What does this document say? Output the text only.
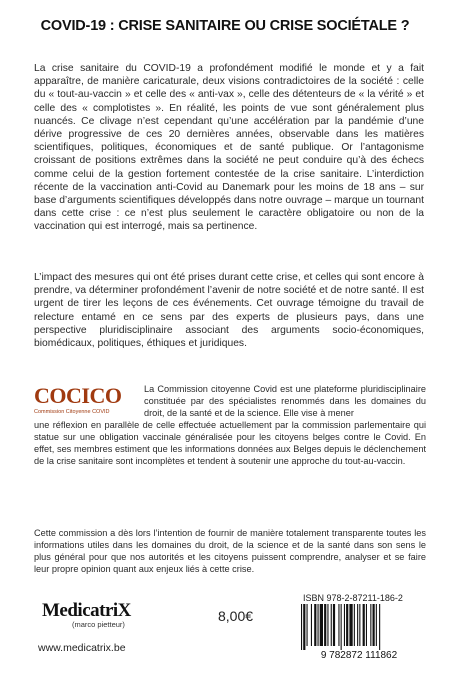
COVID-19 : CRISE SANITAIRE OU CRISE SOCIÉTALE ?

La crise sanitaire du COVID-19 a profondément modifié le monde et y a fait apparaître, de manière caricaturale, deux visions contradictoires de la société : celle du « tout-au-vaccin » et celle des « anti-vax », celle des détenteurs de « la vérité » et celle des « complotistes ». En réalité, les points de vue sont généralement plus nuancés. Ce clivage n’est cependant qu’une accélération par la pandémie d’une dérive progressive de ces 20 dernières années, observable dans les matières scientifiques, politiques, économiques et de santé publique. Or l’antagonisme croissant de positions extrêmes dans la société ne peut conduire qu’à des échecs comme celui de la gestion fortement contestée de la crise sanitaire. L’interdiction récente de la vaccination anti-Covid au Danemark pour les moins de 18 ans – sur base d’arguments scientifiques développés dans notre ouvrage – marque un tournant dans cette crise : ce n’est plus seulement le caractère obligatoire ou non de la vaccination qui est interrogé, mais sa pertinence.

L’impact des mesures qui ont été prises durant cette crise, et celles qui sont encore à prendre, va déterminer profondément l’avenir de notre société et de notre santé. Il est urgent de tirer les leçons de ces événements. Cet ouvrage témoigne du travail de relecture entamé en ce sens par des experts de plusieurs pays, dans une perspective pluridisciplinaire associant des arguments socio-économiques, biomédicaux, politiques, éthiques et juridiques.

COCICO
Commission Citoyenne COVID

La Commission citoyenne Covid est une plateforme pluridisciplinaire constituée par des spécialistes renommés dans les domaines du droit, de la santé et de la science. Elle vise à mener

une réflexion en parallèle de celle effectuée actuellement par la commission parlementaire qui statue sur une obligation vaccinale généralisée pour les citoyens belges contre le Covid. En effet, ses membres estiment que les informations données aux Belges depuis le déclenchement de la crise sanitaire sont incomplètes et tendent à soutenir une approche du tout-au-vaccin.

Cette commission a dès lors l’intention de fournir de manière totalement transparente toutes les informations utiles dans les domaines du droit, de la science et de la santé dans son sens le plus général pour que nos autorités et les citoyens puissent comprendre, analyser et se faire leur propre opinion quant aux enjeux liés à cette crise.

ISBN 978-2-87211-186-2
9 782872 111862
8,00€
MedicatriX
(marco pietteur)
www.medicatrix.be
